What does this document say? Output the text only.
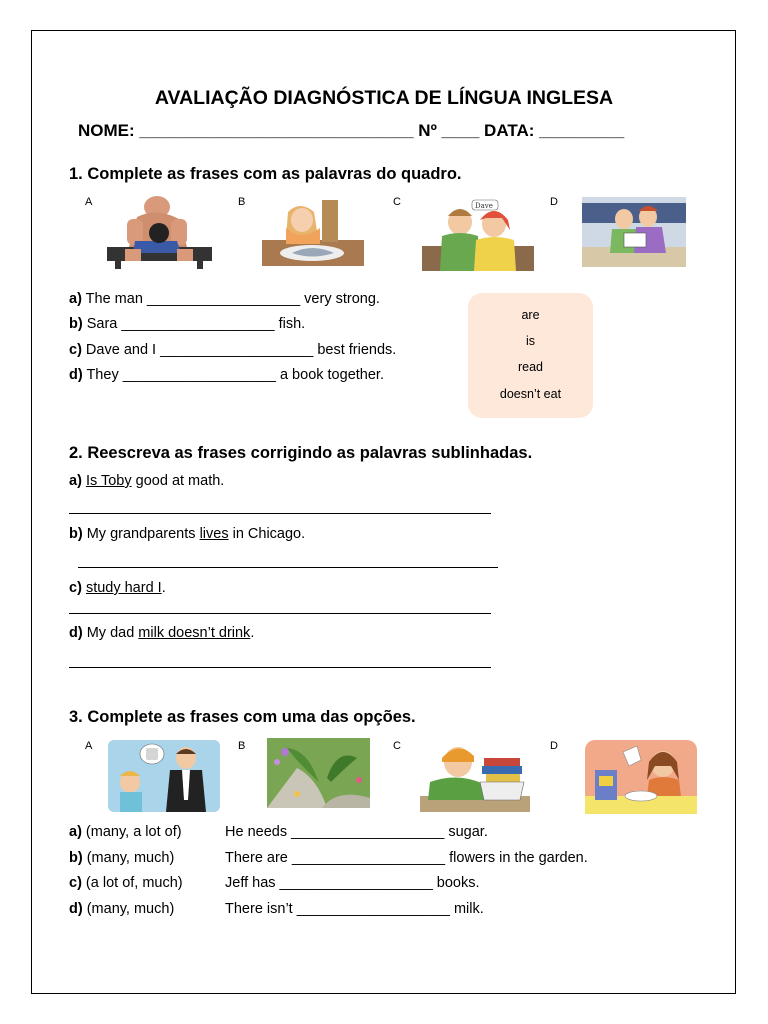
AVALIAÇÃO DIAGNÓSTICA DE LÍNGUA INGLESA
NOME: _____________________________ Nº ____ DATA: _________
1. Complete as frases com as palavras do quadro.
A	B	C	D
Dave
a) The man ___________________ very strong.
b) Sara ___________________ fish.
c) Dave and I ___________________ best friends.
d) They ___________________ a book together.
are
is
read
doesn’t eat
2. Reescreva as frases corrigindo as palavras sublinhadas.
a) Is Toby good at math.
b) My grandparents lives in Chicago.
c) study hard I.
d) My dad milk doesn’t drink.
3. Complete as frases com uma das opções.
A	B	C	D
a) (many, a lot of)	He needs ___________________ sugar.
b) (many, much)	There are ___________________ flowers in the garden.
c) (a lot of, much)	Jeff has ___________________ books.
d) (many, much)	There isn’t ___________________ milk.
